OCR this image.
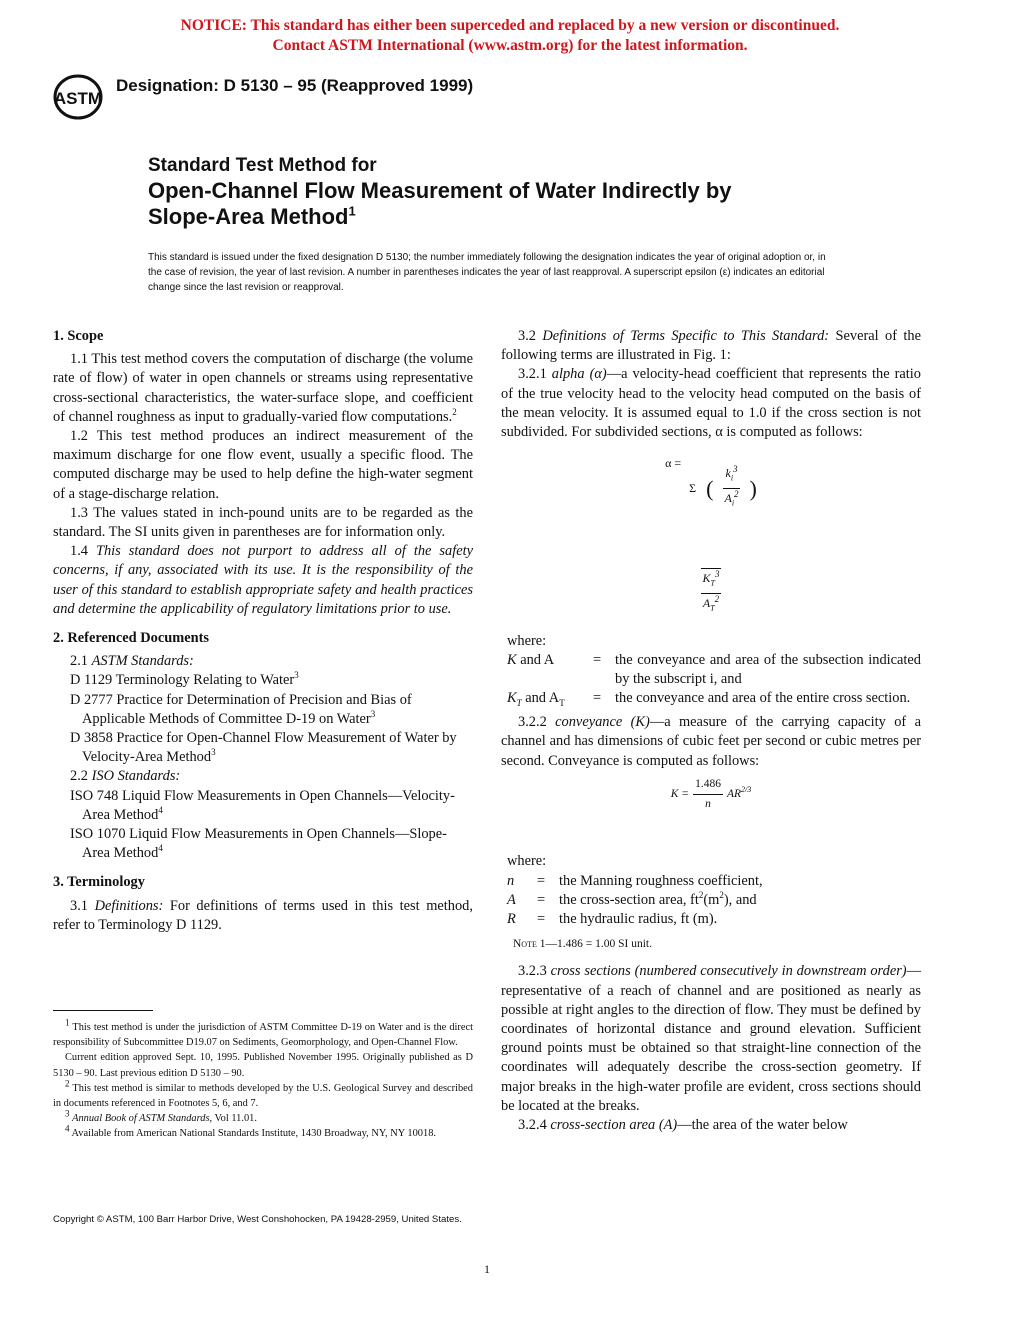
NOTICE: This standard has either been superceded and replaced by a new version or discontinued.
Contact ASTM International (www.astm.org) for the latest information.
ASTM
Designation: D 5130 – 95 (Reapproved 1999)
Standard Test Method for
Open-Channel Flow Measurement of Water Indirectly by
Slope-Area Method$^1$
This standard is issued under the fixed designation D 5130; the number immediately following the designation indicates the year of original adoption or, in the case of revision, the year of last revision. A number in parentheses indicates the year of last reapproval. A superscript epsilon (ε) indicates an editorial change since the last revision or reapproval.

1. Scope

1.1 This test method covers the computation of discharge (the volume rate of flow) of water in open channels or streams using representative cross-sectional characteristics, the water-surface slope, and coefficient of channel roughness as input to gradually-varied flow computations.$^2$

1.2 This test method produces an indirect measurement of the maximum discharge for one flow event, usually a specific flood. The computed discharge may be used to help define the high-water segment of a stage-discharge relation.

1.3 The values stated in inch-pound units are to be regarded as the standard. The SI units given in parentheses are for information only.

1.4 This standard does not purport to address all of the safety concerns, if any, associated with its use. It is the responsibility of the user of this standard to establish appropriate safety and health practices and determine the applicability of regulatory limitations prior to use.

2. Referenced Documents

2.1 ASTM Standards:

D 1129 Terminology Relating to Water$^3$

D 2777 Practice for Determination of Precision and Bias of Applicable Methods of Committee D-19 on Water$^3$

D 3858 Practice for Open-Channel Flow Measurement of Water by Velocity-Area Method$^3$

2.2 ISO Standards:

ISO 748 Liquid Flow Measurements in Open Channels—Velocity-Area Method$^4$

ISO 1070 Liquid Flow Measurements in Open Channels—Slope-Area Method$^4$

3. Terminology

3.1 Definitions: For definitions of terms used in this test method, refer to Terminology D 1129.

$^1$ This test method is under the jurisdiction of ASTM Committee D-19 on Water and is the direct responsibility of Subcommittee D19.07 on Sediments, Geomorphology, and Open-Channel Flow.

Current edition approved Sept. 10, 1995. Published November 1995. Originally published as D 5130 – 90. Last previous edition D 5130 – 90.

$^2$ This test method is similar to methods developed by the U.S. Geological Survey and described in documents referenced in Footnotes 5, 6, and 7.

$^3$ Annual Book of ASTM Standards, Vol 11.01.

$^4$ Available from American National Standards Institute, 1430 Broadway, NY, NY 10018.

3.2 Definitions of Terms Specific to This Standard: Several of the following terms are illustrated in Fig. 1:

3.2.1 alpha (α)—a velocity-head coefficient that represents the ratio of the true velocity head to the velocity head computed on the basis of the mean velocity. It is assumed equal to 1.0 if the cross section is not subdivided. For subdivided sections, α is computed as follows:

α =
Σ ( $\frac{k_i^3}{A_i^2}$ )
$\frac{K_T^3}{A_T^2}$

where:

K and A	= the conveyance and area of the subsection indicated by the subscript i, and
$K_T$ and $A_T$	= the conveyance and area of the entire cross section.

3.2.2 conveyance (K)—a measure of the carrying capacity of a channel and has dimensions of cubic feet per second or cubic metres per second. Conveyance is computed as follows:

$K = \frac{1.486}{n} AR^{2/3}$

where:

n	= the Manning roughness coefficient,
A	= the cross-section area, $ft^2(m^2)$, and
R	= the hydraulic radius, ft (m).

Note 1—1.486 = 1.00 SI unit.

3.2.3 cross sections (numbered consecutively in downstream order)—representative of a reach of channel and are positioned as nearly as possible at right angles to the direction of flow. They must be defined by coordinates of horizontal distance and ground elevation. Sufficient ground points must be obtained so that straight-line connection of the coordinates will adequately describe the cross-section geometry. If major breaks in the high-water profile are evident, cross sections should be located at the breaks.

3.2.4 cross-section area (A)—the area of the water below

Copyright © ASTM, 100 Barr Harbor Drive, West Conshohocken, PA 19428-2959, United States.
1
